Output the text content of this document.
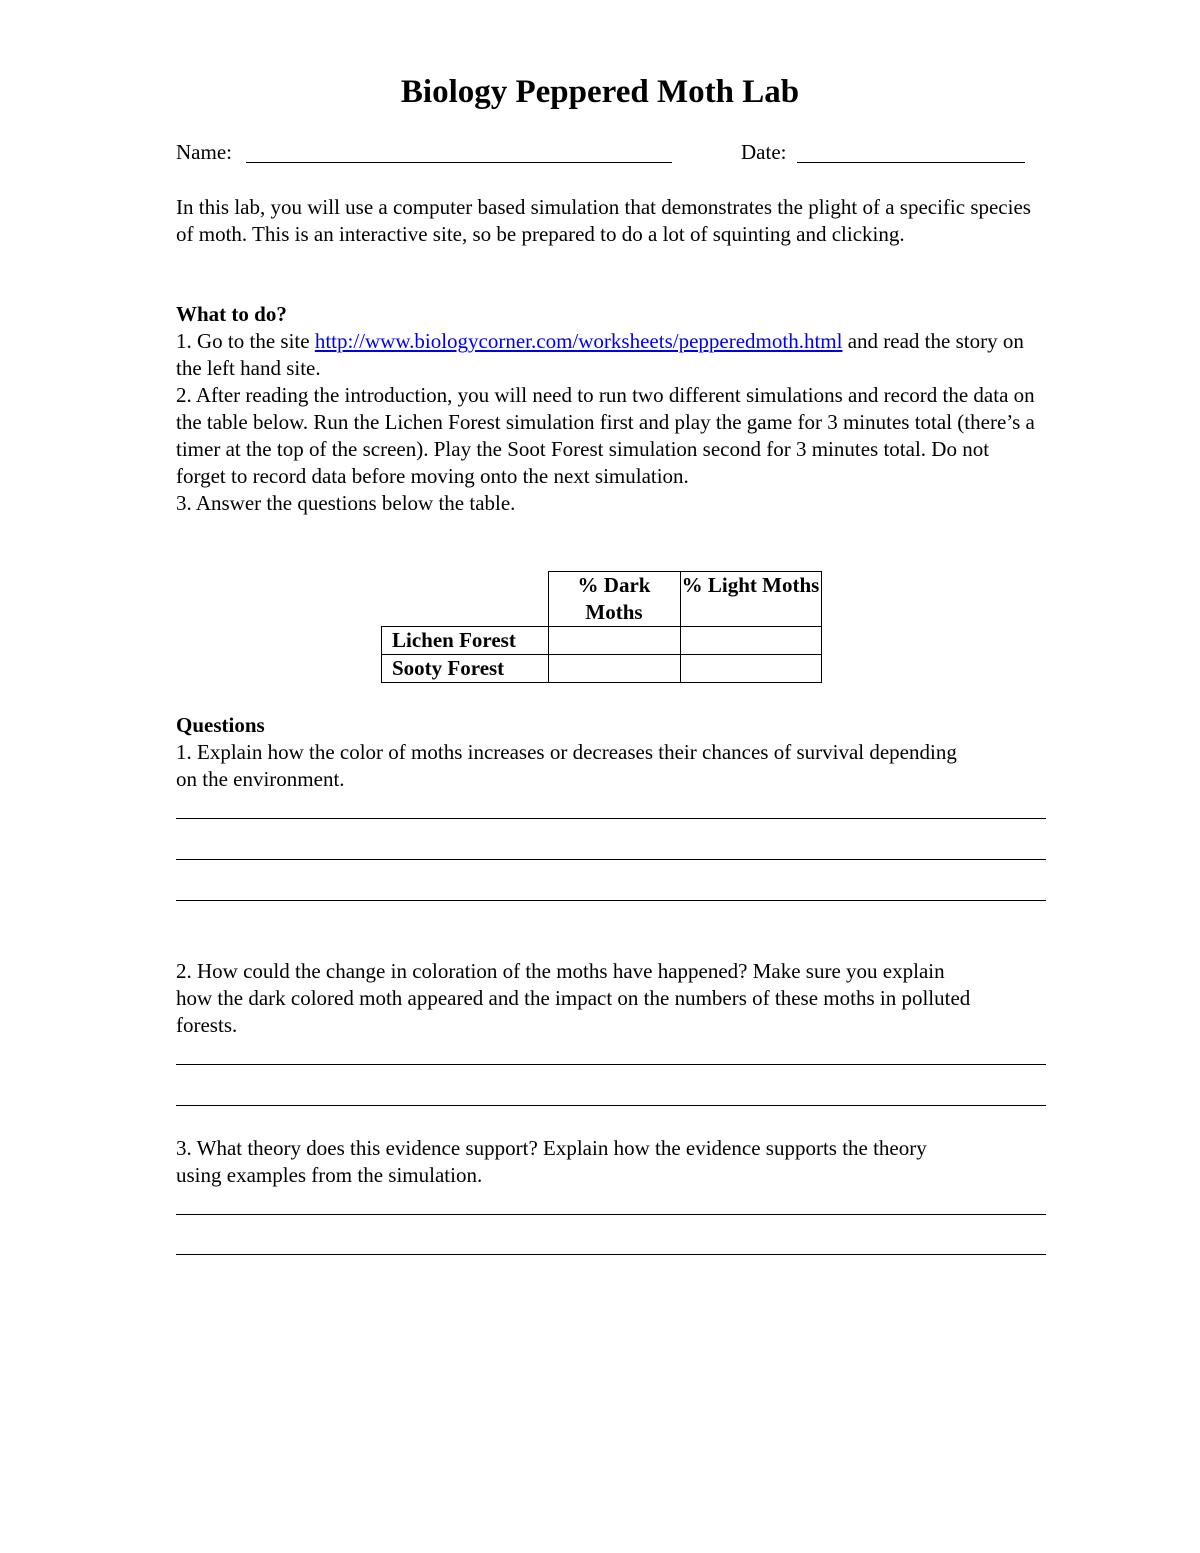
Biology Peppered Moth Lab
Name:	Date:

In this lab, you will use a computer based simulation that demonstrates the plight of a specific species of moth. This is an interactive site, so be prepared to do a lot of squinting and clicking.

What to do?
1. Go to the site http://www.biologycorner.com/worksheets/pepperedmoth.html and read the story on the left hand site.
2. After reading the introduction, you will need to run two different simulations and record the data on the table below. Run the Lichen Forest simulation first and play the game for 3 minutes total (there’s a timer at the top of the screen). Play the Soot Forest simulation second for 3 minutes total. Do not forget to record data before moving onto the next simulation.
3. Answer the questions below the table.
	% Dark Moths	% Light Moths
Lichen Forest		
Sooty Forest		
Questions

1. Explain how the color of moths increases or decreases their chances of survival depending on the environment.

2. How could the change in coloration of the moths have happened? Make sure you explain how the dark colored moth appeared and the impact on the numbers of these moths in polluted forests.

3. What theory does this evidence support? Explain how the evidence supports the theory using examples from the simulation.
